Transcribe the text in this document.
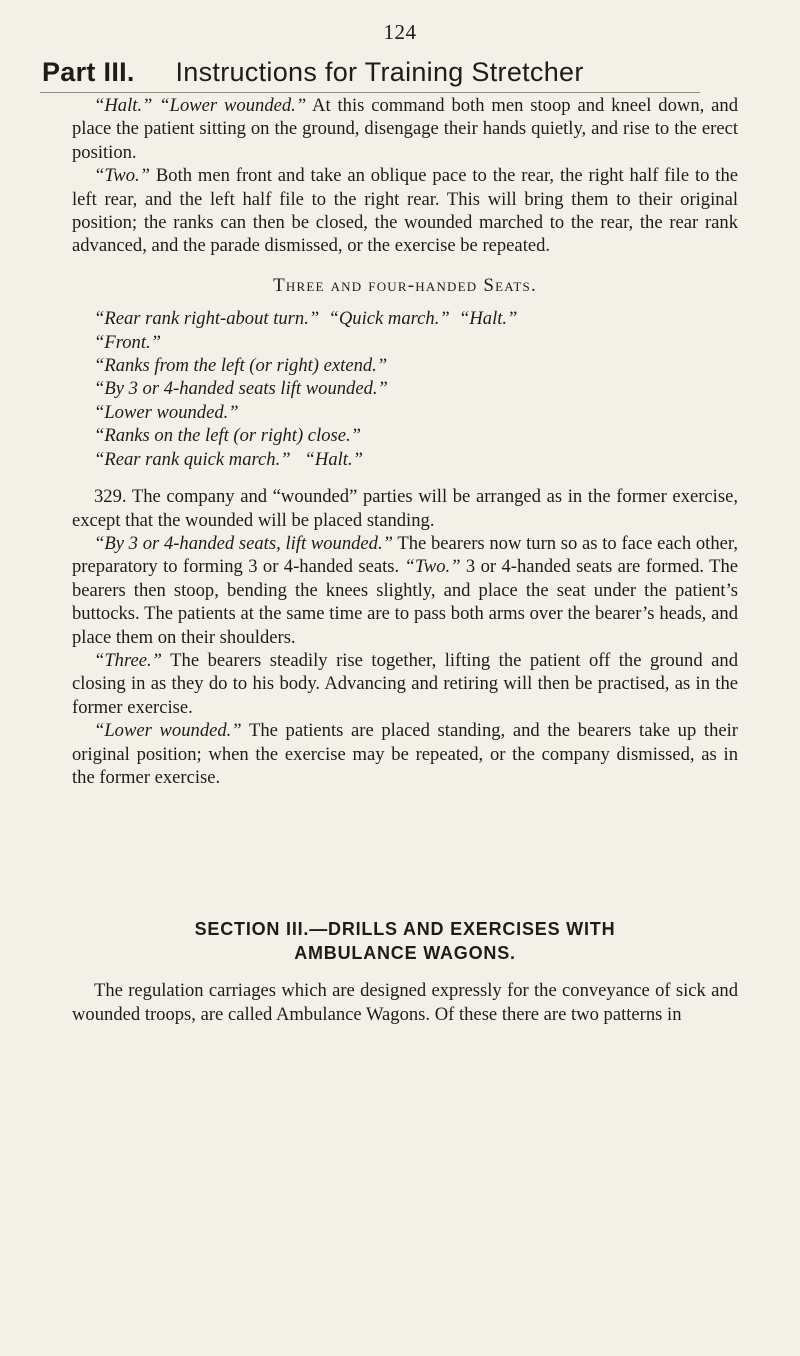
124
Part III. Instructions for Training Stretcher

“Halt.” “Lower wounded.” At this command both men stoop and kneel down, and place the patient sitting on the ground, disengage their hands quietly, and rise to the erect position.

“Two.” Both men front and take an oblique pace to the rear, the right half file to the left rear, and the left half file to the right rear. This will bring them to their original position; the ranks can then be closed, the wounded marched to the rear, the rear rank advanced, and the parade dismissed, or the exercise be repeated.

Three and four-handed Seats.

“Rear rank right-about turn.” “Quick march.” “Halt.”

“Front.”

“Ranks from the left (or right) extend.”

“By 3 or 4-handed seats lift wounded.”

“Lower wounded.”

“Ranks on the left (or right) close.”

“Rear rank quick march.” “Halt.”

329. The company and “wounded” parties will be arranged as in the former exercise, except that the wounded will be placed standing.

“By 3 or 4-handed seats, lift wounded.” The bearers now turn so as to face each other, preparatory to forming 3 or 4-handed seats. “Two.” 3 or 4-handed seats are formed. The bearers then stoop, bending the knees slightly, and place the seat under the patient’s buttocks. The patients at the same time are to pass both arms over the bearer’s heads, and place them on their shoulders.

“Three.” The bearers steadily rise together, lifting the patient off the ground and closing in as they do to his body. Advancing and retiring will then be practised, as in the former exercise.

“Lower wounded.” The patients are placed standing, and the bearers take up their original position; when the exercise may be repeated, or the company dismissed, as in the former exercise.

SECTION III.—DRILLS AND EXERCISES WITH
AMBULANCE WAGONS.

The regulation carriages which are designed expressly for the conveyance of sick and wounded troops, are called Ambulance Wagons. Of these there are two patterns in
